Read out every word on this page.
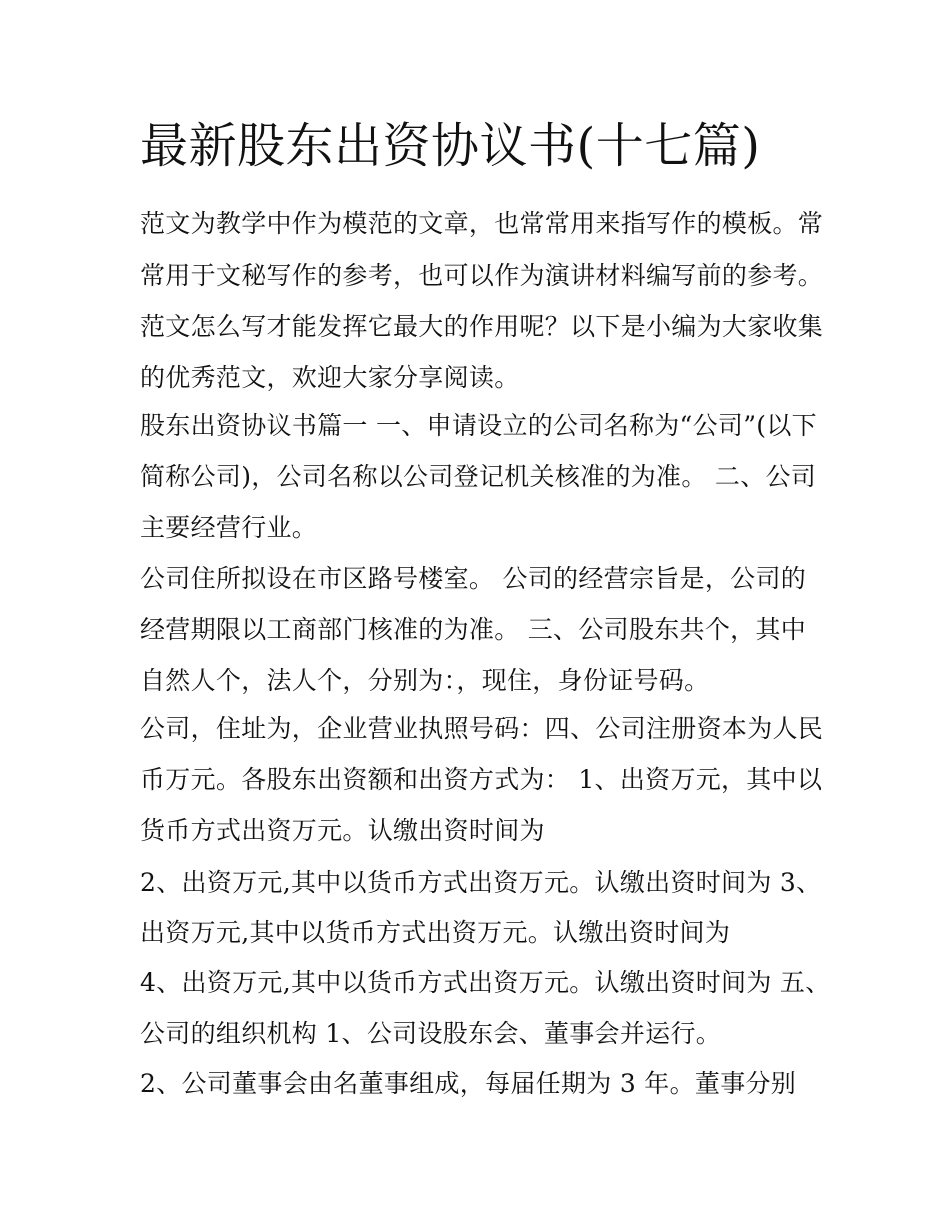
最新股东出资协议书(十七篇)

范文为教学中作为模范的文章，也常常用来指写作的模板。常

常用于文秘写作的参考，也可以作为演讲材料编写前的参考。

范文怎么写才能发挥它最大的作用呢？以下是小编为大家收集

的优秀范文，欢迎大家分享阅读。

股东出资协议书篇一 一、申请设立的公司名称为“公司”(以下

简称公司)，公司名称以公司登记机关核准的为准。 二、公司

主要经营行业。

公司住所拟设在市区路号楼室。 公司的经营宗旨是，公司的

经营期限以工商部门核准的为准。 三、公司股东共个，其中

自然人个，法人个，分别为：，现住，身份证号码。

公司，住址为，企业营业执照号码：四、公司注册资本为人民

币万元。各股东出资额和出资方式为： 1、出资万元，其中以

货币方式出资万元。认缴出资时间为

2、出资万元,其中以货币方式出资万元。认缴出资时间为 3、

出资万元,其中以货币方式出资万元。认缴出资时间为

4、出资万元,其中以货币方式出资万元。认缴出资时间为 五、

公司的组织机构 1、公司设股东会、董事会并运行。

2、公司董事会由名董事组成，每届任期为 3 年。董事分别
